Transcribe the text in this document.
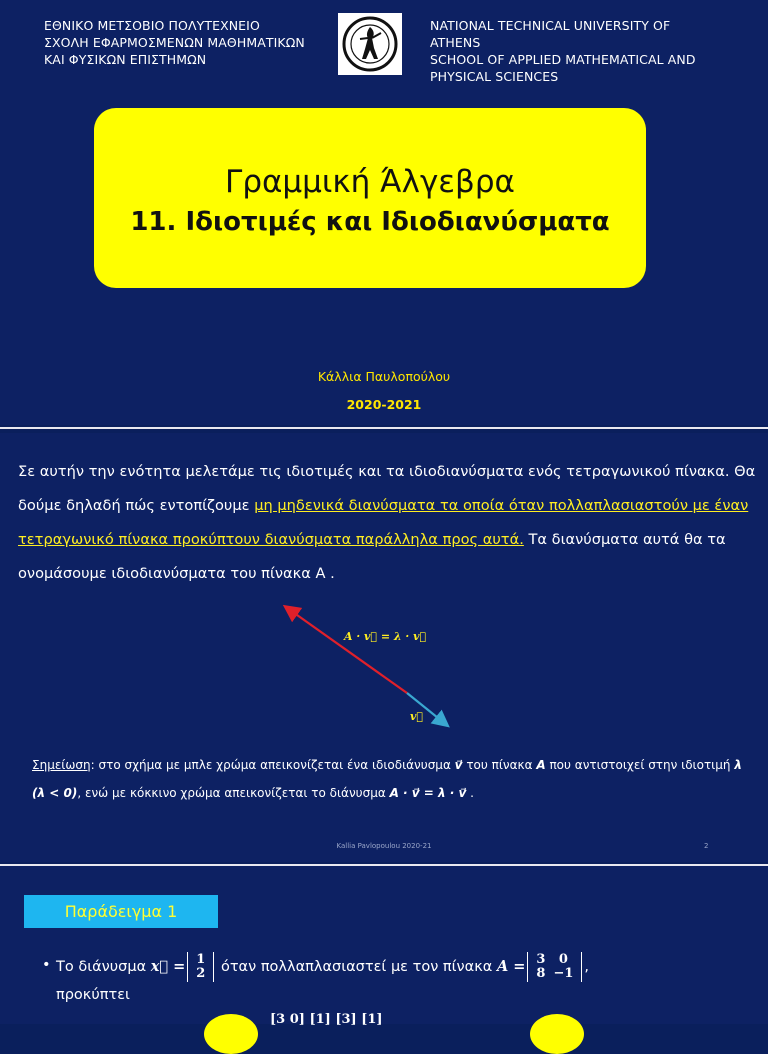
ΕΘΝΙΚΟ ΜΕΤΣΟΒΙΟ ΠΟΛΥΤΕΧΝΕΙΟ
ΣΧΟΛΗ ΕΦΑΡΜΟΣΜΕΝΩΝ ΜΑΘΗΜΑΤΙΚΩΝ
ΚΑΙ ΦΥΣΙΚΩΝ ΕΠΙΣΤΗΜΩΝ
NATIONAL TECHNICAL UNIVERSITY OF
ATHENS
SCHOOL OF APPLIED MATHEMATICAL AND
PHYSICAL SCIENCES
Γραμμική Άλγεβρα
11. Ιδιοτιμές και Ιδιοδιανύσματα
Κάλλια Παυλοπούλου
2020-2021
Σε αυτήν την ενότητα μελετάμε τις ιδιοτιμές και τα ιδιοδιανύσματα ενός τετραγωνικού πίνακα. Θα δούμε δηλαδή πώς εντοπίζουμε μη μηδενικά διανύσματα τα οποία όταν πολλαπλασιαστούν με έναν τετραγωνικό πίνακα προκύπτουν διανύσματα παράλληλα προς αυτά. Τα διανύσματα αυτά θα τα ονομάσουμε ιδιοδιανύσματα του πίνακα Α .
A · v⃗ = λ · v⃗
v⃗
Σημείωση: στο σχήμα με μπλε χρώμα απεικονίζεται ένα ιδιοδιάνυσμα v⃗ του πίνακα A που αντιστοιχεί στην ιδιοτιμή λ (λ < 0), ενώ με κόκκινο χρώμα απεικονίζεται το διάνυσμα A · v⃗ = λ · v⃗ .
Kallia Pavlopoulou 2020-21	2
Παράδειγμα 1
• Το διάνυσμα x⃗ = 1
2 όταν πολλαπλασιαστεί με τον πίνακα A = 3	0
8	−1 ,
προκύπτει
[3 0] [1] [3] [1]
